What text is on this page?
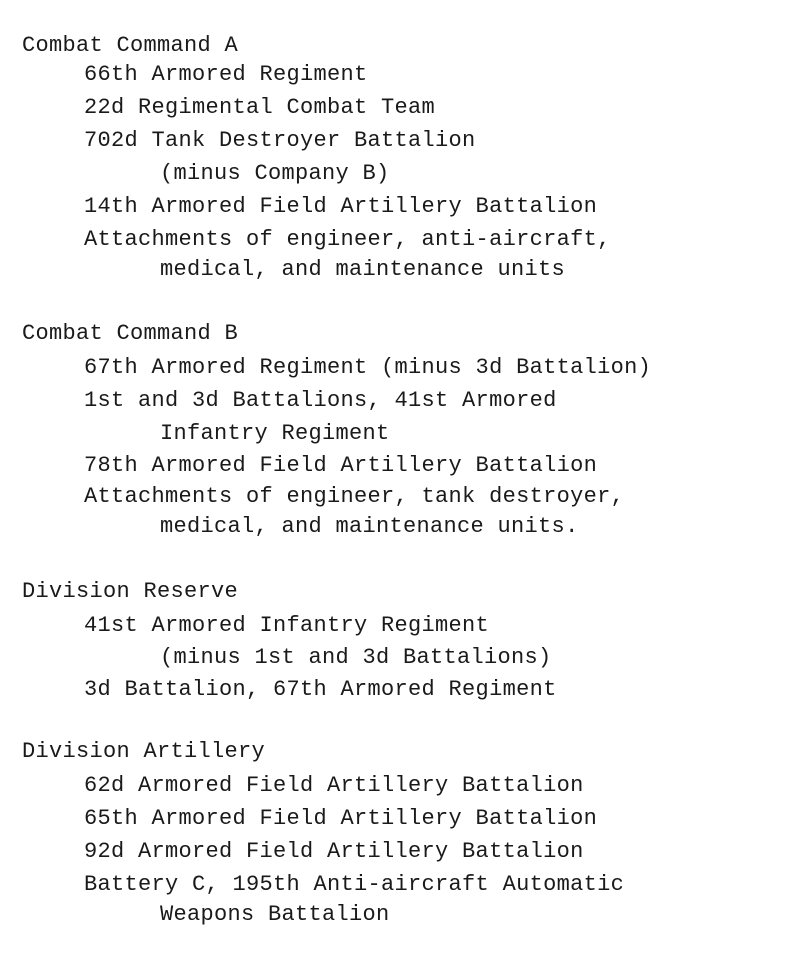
Combat Command A
66th Armored Regiment
22d Regimental Combat Team
702d Tank Destroyer Battalion
(minus Company B)
14th Armored Field Artillery Battalion
Attachments of engineer, anti-aircraft,
medical, and maintenance units
Combat Command B
67th Armored Regiment (minus 3d Battalion)
1st and 3d Battalions, 41st Armored
Infantry Regiment
78th Armored Field Artillery Battalion
Attachments of engineer, tank destroyer,
medical, and maintenance units.
Division Reserve
41st Armored Infantry Regiment
(minus 1st and 3d Battalions)
3d Battalion, 67th Armored Regiment
Division Artillery
62d Armored Field Artillery Battalion
65th Armored Field Artillery Battalion
92d Armored Field Artillery Battalion
Battery C, 195th Anti-aircraft Automatic
Weapons Battalion
